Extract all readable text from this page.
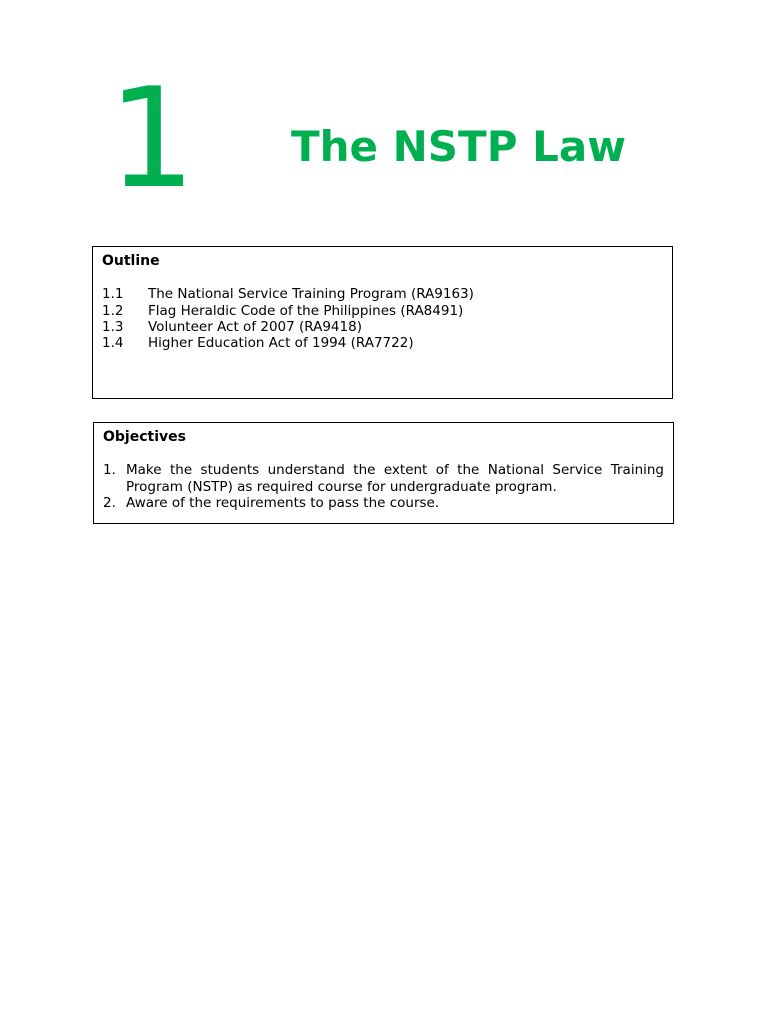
1 The NSTP Law
Outline
1.1	The National Service Training Program (RA9163)
1.2	Flag Heraldic Code of the Philippines (RA8491)
1.3	Volunteer Act of 2007 (RA9418)
1.4	Higher Education Act of 1994 (RA7722)
Objectives
1. Make the students understand the extent of the National Service Training Program (NSTP) as required course for undergraduate program.
2. Aware of the requirements to pass the course.
